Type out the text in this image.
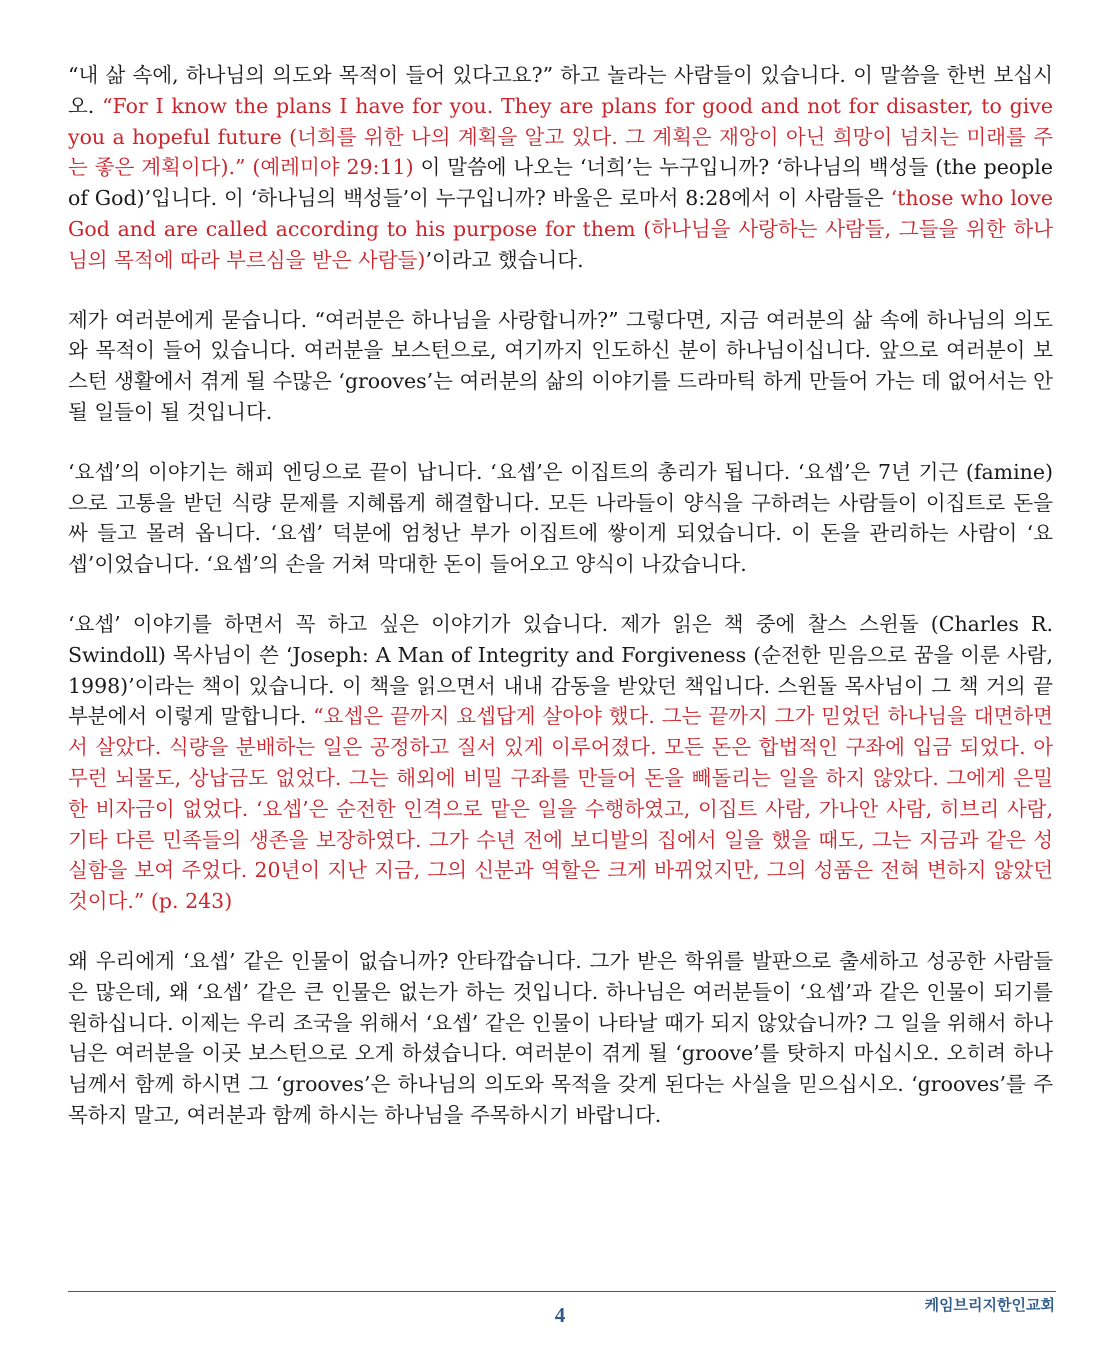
“내 삶 속에, 하나님의 의도와 목적이 들어 있다고요?” 하고 놀라는 사람들이 있습니다. 이 말씀을 한번 보십시오. “For I know the plans I have for you. They are plans for good and not for disaster, to give you a hopeful future (너희를 위한 나의 계획을 알고 있다. 그 계획은 재앙이 아닌 희망이 넘치는 미래를 주는 좋은 계획이다).” (예레미야 29:11) 이 말씀에 나오는 ‘너희’는 누구입니까? ‘하나님의 백성들 (the people of God)’입니다. 이 ‘하나님의 백성들’이 누구입니까? 바울은 로마서 8:28에서 이 사람들은 ‘those who love God and are called according to his purpose for them (하나님을 사랑하는 사람들, 그들을 위한 하나님의 목적에 따라 부르심을 받은 사람들)’이라고 했습니다.

제가 여러분에게 묻습니다. “여러분은 하나님을 사랑합니까?” 그렇다면, 지금 여러분의 삶 속에 하나님의 의도와 목적이 들어 있습니다. 여러분을 보스턴으로, 여기까지 인도하신 분이 하나님이십니다. 앞으로 여러분이 보스턴 생활에서 겪게 될 수많은 ‘grooves’는 여러분의 삶의 이야기를 드라마틱 하게 만들어 가는 데 없어서는 안 될 일들이 될 것입니다.

‘요셉’의 이야기는 해피 엔딩으로 끝이 납니다. ‘요셉’은 이집트의 총리가 됩니다. ‘요셉’은 7년 기근 (famine)으로 고통을 받던 식량 문제를 지혜롭게 해결합니다. 모든 나라들이 양식을 구하려는 사람들이 이집트로 돈을 싸 들고 몰려 옵니다. ‘요셉’ 덕분에 엄청난 부가 이집트에 쌓이게 되었습니다. 이 돈을 관리하는 사람이 ‘요셉’이었습니다. ‘요셉’의 손을 거쳐 막대한 돈이 들어오고 양식이 나갔습니다.

‘요셉’ 이야기를 하면서 꼭 하고 싶은 이야기가 있습니다. 제가 읽은 책 중에 찰스 스윈돌 (Charles R. Swindoll) 목사님이 쓴 ‘Joseph: A Man of Integrity and Forgiveness (순전한 믿음으로 꿈을 이룬 사람, 1998)’이라는 책이 있습니다. 이 책을 읽으면서 내내 감동을 받았던 책입니다. 스윈돌 목사님이 그 책 거의 끝부분에서 이렇게 말합니다. “요셉은 끝까지 요셉답게 살아야 했다. 그는 끝까지 그가 믿었던 하나님을 대면하면서 살았다. 식량을 분배하는 일은 공정하고 질서 있게 이루어졌다. 모든 돈은 합법적인 구좌에 입금 되었다. 아무런 뇌물도, 상납금도 없었다. 그는 해외에 비밀 구좌를 만들어 돈을 빼돌리는 일을 하지 않았다. 그에게 은밀한 비자금이 없었다. ‘요셉’은 순전한 인격으로 맡은 일을 수행하였고, 이집트 사람, 가나안 사람, 히브리 사람, 기타 다른 민족들의 생존을 보장하였다. 그가 수년 전에 보디발의 집에서 일을 했을 때도, 그는 지금과 같은 성실함을 보여 주었다. 20년이 지난 지금, 그의 신분과 역할은 크게 바뀌었지만, 그의 성품은 전혀 변하지 않았던 것이다.” (p. 243)

왜 우리에게 ‘요셉’ 같은 인물이 없습니까? 안타깝습니다. 그가 받은 학위를 발판으로 출세하고 성공한 사람들은 많은데, 왜 ‘요셉’ 같은 큰 인물은 없는가 하는 것입니다. 하나님은 여러분들이 ‘요셉’과 같은 인물이 되기를 원하십니다. 이제는 우리 조국을 위해서 ‘요셉’ 같은 인물이 나타날 때가 되지 않았습니까? 그 일을 위해서 하나님은 여러분을 이곳 보스턴으로 오게 하셨습니다. 여러분이 겪게 될 ‘groove’를 탓하지 마십시오. 오히려 하나님께서 함께 하시면 그 ‘grooves’은 하나님의 의도와 목적을 갖게 된다는 사실을 믿으십시오. ‘grooves’를 주목하지 말고, 여러분과 함께 하시는 하나님을 주목하시기 바랍니다.

4	케임브리지한인교회
